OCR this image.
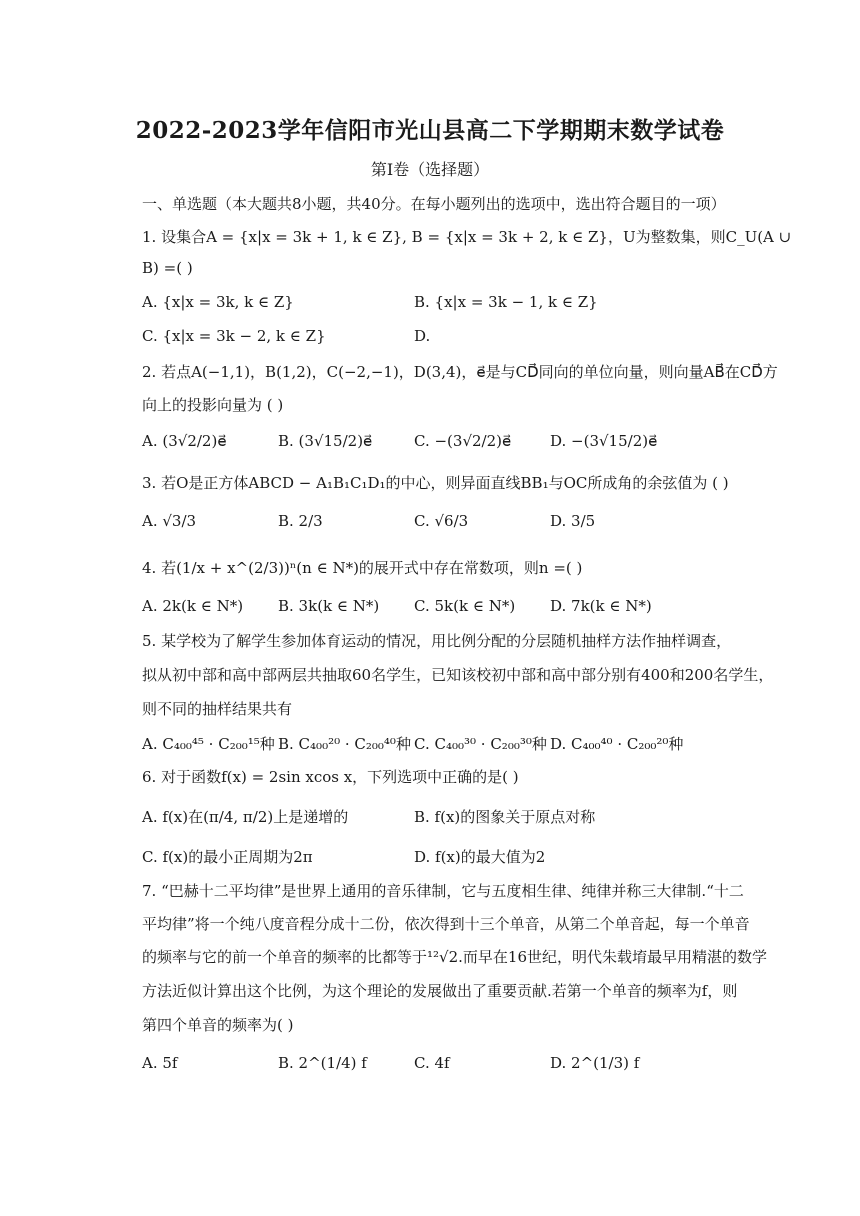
2022-2023学年信阳市光山县高二下学期期末数学试卷
第I卷（选择题）
一、单选题（本大题共8小题，共40分。在每小题列出的选项中，选出符合题目的一项）
1. 设集合A = {x|x = 3k + 1, k ∈ Z}, B = {x|x = 3k + 2, k ∈ Z}，U为整数集，则C_U(A ∪
B) =( )
A. {x|x = 3k, k ∈ Z}	B. {x|x = 3k − 1, k ∈ Z}
C. {x|x = 3k − 2, k ∈ Z}	D.
2. 若点A(−1,1)，B(1,2)，C(−2,−1)，D(3,4)，e⃗是与CD⃗同向的单位向量，则向量AB⃗在CD⃗方
向上的投影向量为 ( )
A. (3√2/2)e⃗	B. (3√15/2)e⃗	C. −(3√2/2)e⃗	D. −(3√15/2)e⃗
3. 若O是正方体ABCD − A₁B₁C₁D₁的中心，则异面直线BB₁与OC所成角的余弦值为 ( )
A. √3/3	B. 2/3	C. √6/3	D. 3/5
4. 若(1/x + x^(2/3))ⁿ(n ∈ N*)的展开式中存在常数项，则n =( )
A. 2k(k ∈ N*) B. 3k(k ∈ N*) C. 5k(k ∈ N*) D. 7k(k ∈ N*)
5. 某学校为了解学生参加体育运动的情况，用比例分配的分层随机抽样方法作抽样调查，
拟从初中部和高中部两层共抽取60名学生，已知该校初中部和高中部分别有400和200名学生，
则不同的抽样结果共有
A. C₄₀₀⁴⁵ · C₂₀₀¹⁵种 B. C₄₀₀²⁰ · C₂₀₀⁴⁰种 C. C₄₀₀³⁰ · C₂₀₀³⁰种 D. C₄₀₀⁴⁰ · C₂₀₀²⁰种
6. 对于函数f(x) = 2sin xcos x，下列选项中正确的是( )
A. f(x)在(π/4, π/2)上是递增的	B. f(x)的图象关于原点对称
C. f(x)的最小正周期为2π	D. f(x)的最大值为2
7. “巴赫十二平均律”是世界上通用的音乐律制，它与五度相生律、纯律并称三大律制.“十二
平均律”将一个纯八度音程分成十二份，依次得到十三个单音，从第二个单音起，每一个单音
的频率与它的前一个单音的频率的比都等于¹²√2.而早在16世纪，明代朱载堉最早用精湛的数学
方法近似计算出这个比例，为这个理论的发展做出了重要贡献.若第一个单音的频率为f，则
第四个单音的频率为( )
A. 5f	B. 2^(1/4) f	C. 4f	D. 2^(1/3) f
